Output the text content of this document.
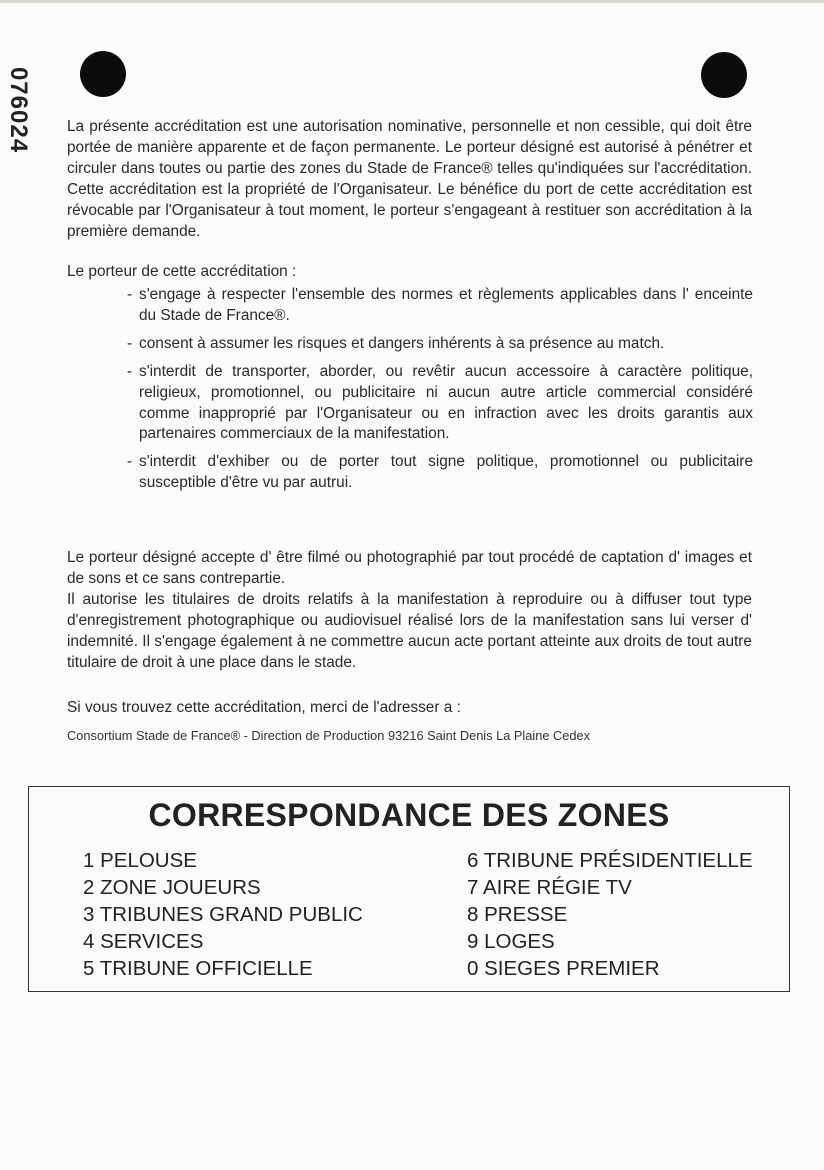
076024 La présente accréditation est une autorisation nominative, personnelle et non cessible, qui doit être portée de manière apparente et de façon permanente. Le porteur désigné est autorisé à pénétrer et circuler dans toutes ou partie des zones du Stade de France® telles qu'indiquées sur l'accréditation. Cette accréditation est la propriété de l'Organisateur. Le bénéfice du port de cette accréditation est révocable par l'Organisateur à tout moment, le porteur s'engageant à restituer son accréditation à la première demande.
Le porteur de cette accréditation :
- s'engage à respecter l'ensemble des normes et règlements applicables dans l' enceinte du Stade de France®.
- consent à assumer les risques et dangers inhérents à sa présence au match.
- s'interdit de transporter, aborder, ou revêtir aucun accessoire à caractère politique, religieux, promotionnel, ou publicitaire ni aucun autre article commercial considéré comme inapproprié par l'Organisateur ou en infraction avec les droits garantis aux partenaires commerciaux de la manifestation.
- s'interdit d'exhiber ou de porter tout signe politique, promotionnel ou publicitaire susceptible d'être vu par autrui.
Le porteur désigné accepte d' être filmé ou photographié par tout procédé de captation d' images et de sons et ce sans contrepartie.
Il autorise les titulaires de droits relatifs à la manifestation à reproduire ou à diffuser tout type d'enregistrement photographique ou audiovisuel réalisé lors de la manifestation sans lui verser d' indemnité. Il s'engage également à ne commettre aucun acte portant atteinte aux droits de tout autre titulaire de droit à une place dans le stade.
Si vous trouvez cette accréditation, merci de l'adresser a :
Consortium Stade de France® - Direction de Production 93216 Saint Denis La Plaine Cedex
CORRESPONDANCE DES ZONES
1 PELOUSE
2 ZONE JOUEURS
3 TRIBUNES GRAND PUBLIC
4 SERVICES
5 TRIBUNE OFFICIELLE
6 TRIBUNE PRÉSIDENTIELLE
7 AIRE RÉGIE TV
8 PRESSE
9 LOGES
0 SIEGES PREMIER
